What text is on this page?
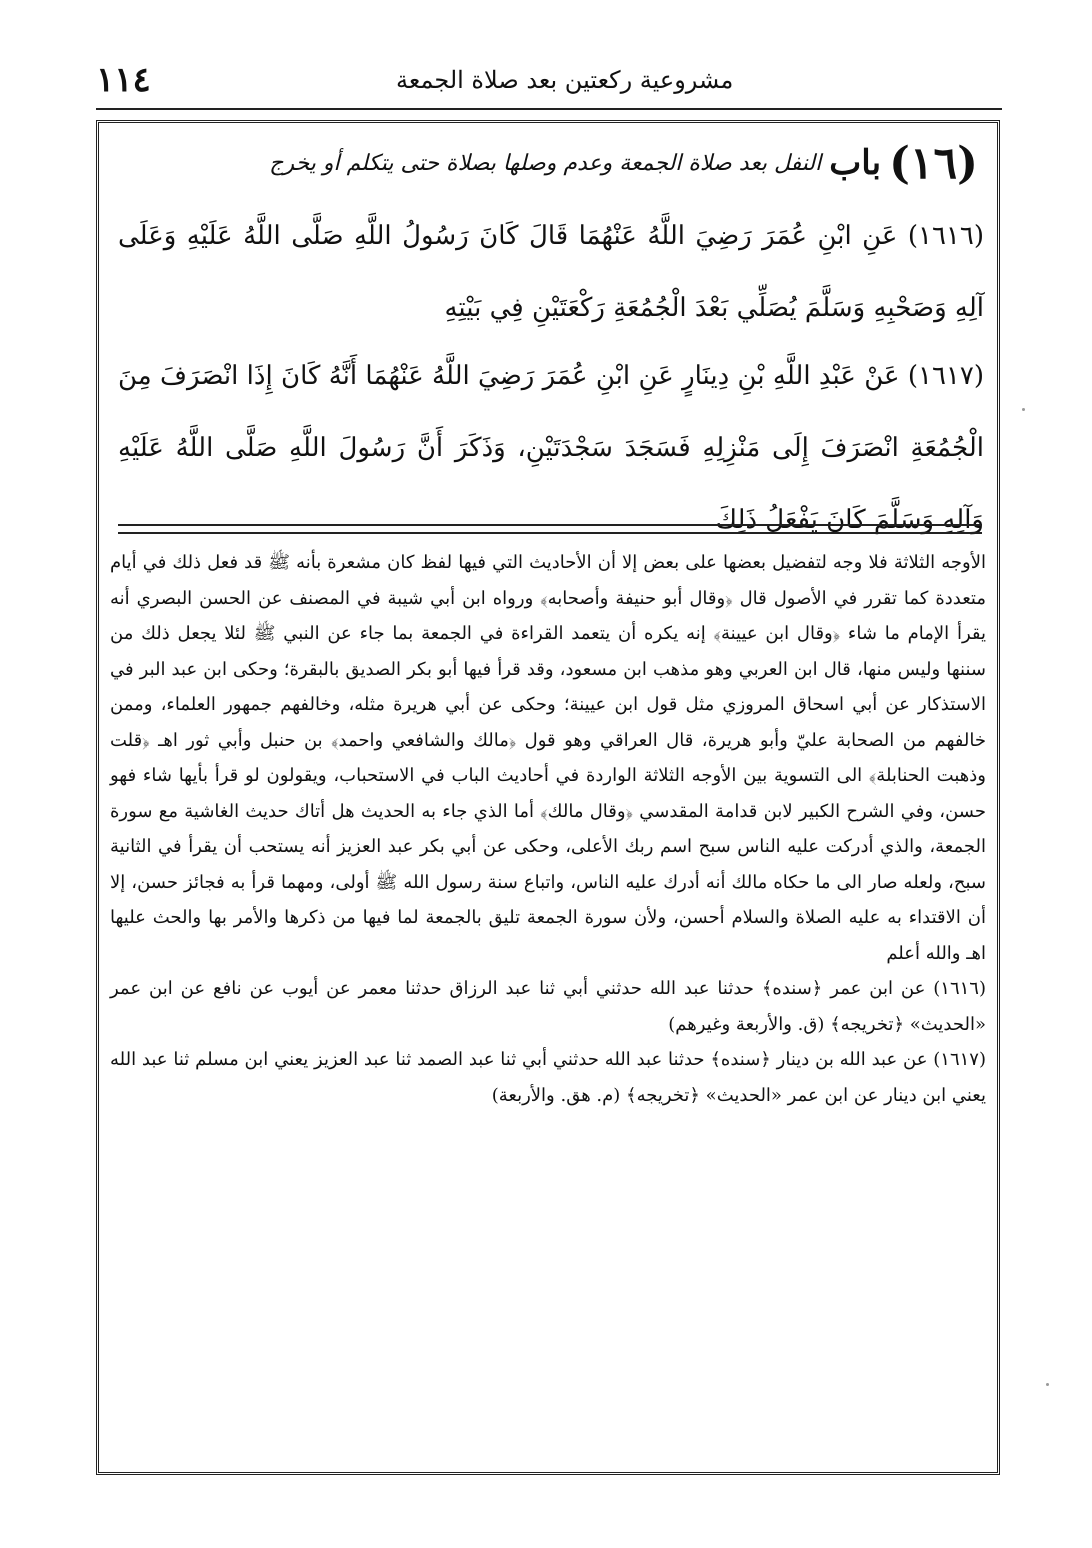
١١٤	مشروعية ركعتين بعد صلاة الجمعة
(١٦)
باب
النفل بعد صلاة الجمعة وعدم وصلها بصلاة حتى يتكلم أو يخرج
(١٦١٦) عَنِ ابْنِ عُمَرَ رَضِيَ اللَّهُ عَنْهُمَا قَالَ كَانَ رَسُولُ اللَّهِ صَلَّى اللَّهُ عَلَيْهِ وَعَلَى آلِهِ وَصَحْبِهِ وَسَلَّمَ يُصَلِّي بَعْدَ الْجُمُعَةِ رَكْعَتَيْنِ فِي بَيْتِهِ
(١٦١٧) عَنْ عَبْدِ اللَّهِ بْنِ دِينَارٍ عَنِ ابْنِ عُمَرَ رَضِيَ اللَّهُ عَنْهُمَا أَنَّهُ كَانَ إِذَا انْصَرَفَ مِنَ الْجُمُعَةِ انْصَرَفَ إِلَى مَنْزِلِهِ فَسَجَدَ سَجْدَتَيْنِ، وَذَكَرَ أَنَّ رَسُولَ اللَّهِ صَلَّى اللَّهُ عَلَيْهِ وَآلِهِ وَسَلَّمَ كَانَ يَفْعَلُ ذَلِكَ

الأوجه الثلاثة فلا وجه لتفضيل بعضها على بعض إلا أن الأحاديث التي فيها لفظ كان مشعرة بأنه ﷺ قد فعل ذلك في أيام متعددة كما تقرر في الأصول قال ﴿وقال أبو حنيفة وأصحابه﴾ ورواه ابن أبي شيبة في المصنف عن الحسن البصري أنه يقرأ الإمام ما شاء ﴿وقال ابن عيينة﴾ إنه يكره أن يتعمد القراءة في الجمعة بما جاء عن النبي ﷺ لئلا يجعل ذلك من سننها وليس منها، قال ابن العربي وهو مذهب ابن مسعود، وقد قرأ فيها أبو بكر الصديق بالبقرة؛ وحكى ابن عبد البر في الاستذكار عن أبي اسحاق المروزي مثل قول ابن عيينة؛ وحكى عن أبي هريرة مثله، وخالفهم جمهور العلماء، وممن خالفهم من الصحابة عليّ وأبو هريرة، قال العراقي وهو قول ﴿مالك والشافعي واحمد﴾ بن حنبل وأبي ثور اهـ ﴿قلت وذهبت الحنابلة﴾ الى التسوية بين الأوجه الثلاثة الواردة في أحاديث الباب في الاستحباب، ويقولون لو قرأ بأيها شاء فهو حسن، وفي الشرح الكبير لابن قدامة المقدسي ﴿وقال مالك﴾ أما الذي جاء به الحديث هل أتاك حديث الغاشية مع سورة الجمعة، والذي أدركت عليه الناس سبح اسم ربك الأعلى، وحكى عن أبي بكر عبد العزيز أنه يستحب أن يقرأ في الثانية سبح، ولعله صار الى ما حكاه مالك أنه أدرك عليه الناس، واتباع سنة رسول الله ﷺ أولى، ومهما قرأ به فجائز حسن، إلا أن الاقتداء به عليه الصلاة والسلام أحسن، ولأن سورة الجمعة تليق بالجمعة لما فيها من ذكرها والأمر بها والحث عليها اهـ والله أعلم

(١٦١٦) عن ابن عمر ﴿سنده﴾ حدثنا عبد الله حدثني أبي ثنا عبد الرزاق حدثنا معمر عن أيوب عن نافع عن ابن عمر «الحديث» ﴿تخريجه﴾ (ق. والأربعة وغيرهم)

(١٦١٧) عن عبد الله بن دينار ﴿سنده﴾ حدثنا عبد الله حدثني أبي ثنا عبد الصمد ثنا عبد العزيز يعني ابن مسلم ثنا عبد الله يعني ابن دينار عن ابن عمر «الحديث» ﴿تخريجه﴾ (م. هق. والأربعة)
